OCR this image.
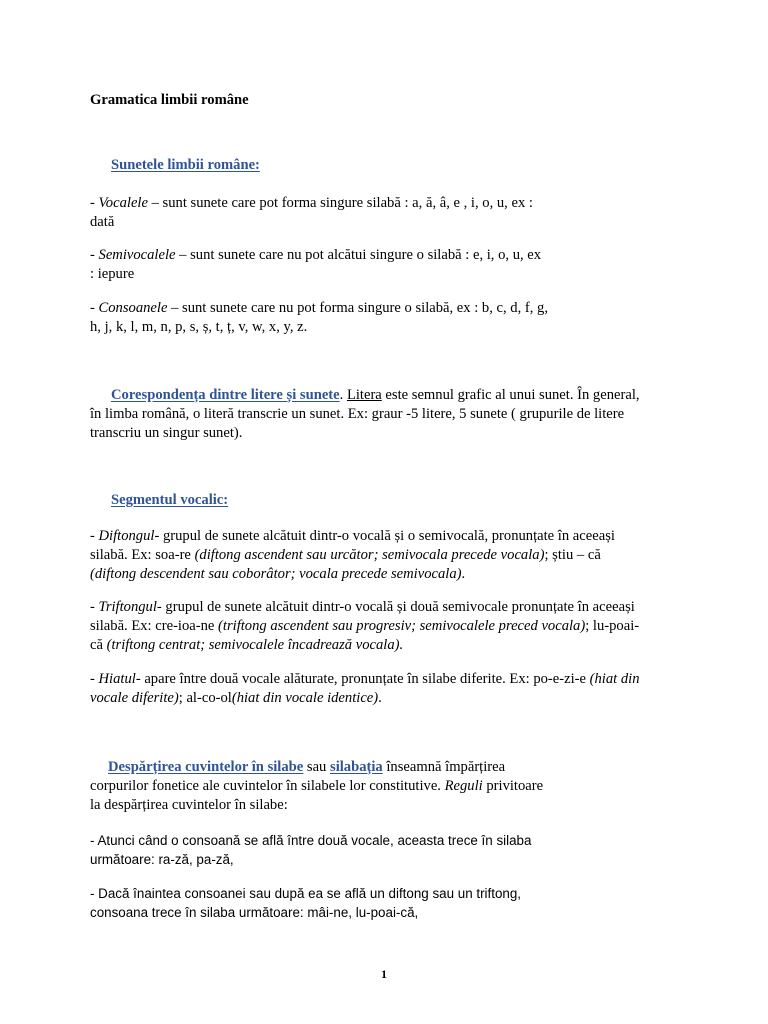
Gramatica limbii române
Sunetele limbii române:
- Vocalele – sunt sunete care pot forma singure silabă : a, ă, â, e , i, o, u, ex :
dată
- Semivocalele – sunt sunete care nu pot alcătui singure o silabă : e, i, o, u, ex
: iepure
- Consoanele – sunt sunete care nu pot forma singure o silabă, ex : b, c, d, f, g,
h, j, k, l, m, n, p, s, ș, t, ț, v, w, x, y, z.
Corespondența dintre litere și sunete. Litera este semnul grafic al unui sunet. În general,
în limba română, o literă transcrie un sunet. Ex: graur -5 litere, 5 sunete ( grupurile de litere
transcriu un singur sunet).
Segmentul vocalic:
- Diftongul- grupul de sunete alcătuit dintr-o vocală și o semivocală, pronunțate în aceeași
silabă. Ex: soa-re (diftong ascendent sau urcător; semivocala precede vocala); știu – că
(diftong descendent sau coborâtor; vocala precede semivocala).
- Triftongul- grupul de sunete alcătuit dintr-o vocală și două semivocale pronunțate în aceeași
silabă. Ex: cre-ioa-ne (triftong ascendent sau progresiv; semivocalele preced vocala); lu-poai-
că (triftong centrat; semivocalele încadrează vocala).
- Hiatul- apare între două vocale alăturate, pronunțate în silabe diferite. Ex: po-e-zi-e (hiat din
vocale diferite); al-co-ol(hiat din vocale identice).
Despărțirea cuvintelor în silabe sau silabația înseamnă împărțirea
corpurilor fonetice ale cuvintelor în silabele lor constitutive. Reguli privitoare
la despărțirea cuvintelor în silabe:
- Atunci când o consoană se află între două vocale, aceasta trece în silaba
următoare: ra-ză, pa-ză,
- Dacă înaintea consoanei sau după ea se află un diftong sau un triftong,
consoana trece în silaba următoare: mâi-ne, lu-poai-că,
1
